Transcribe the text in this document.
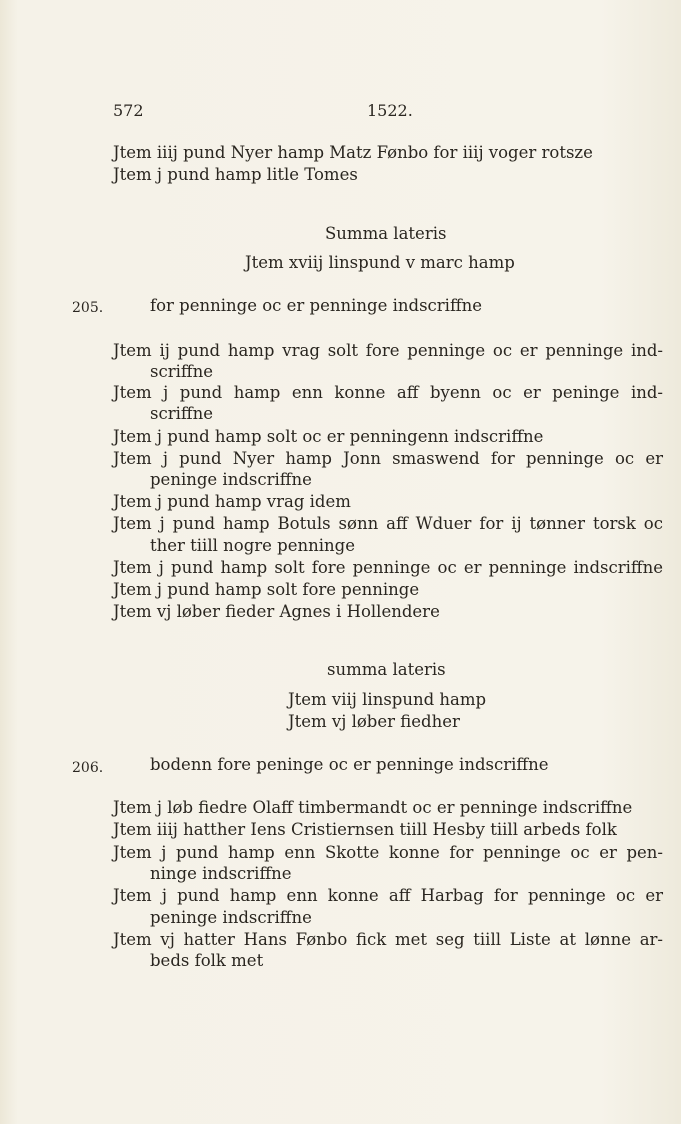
572	1522.
Jtem iiij pund Nyer hamp Matz Fønbo for iiij voger rotsze
Jtem j pund hamp litle Tomes
Summa lateris
Jtem xviij linspund v marc hamp
205.	for penninge oc er penninge indscriffne
Jtem ij pund hamp vrag solt fore penninge oc er penninge ind-
scriffne
Jtem j pund hamp enn konne aff byenn oc er peninge ind-
scriffne
Jtem j pund hamp solt oc er penningenn indscriffne
Jtem j pund Nyer hamp Jonn smaswend for penninge oc er
peninge indscriffne
Jtem j pund hamp vrag idem
Jtem j pund hamp Botuls sønn aff Wduer for ij tønner torsk oc
ther tiill nogre penninge
Jtem j pund hamp solt fore penninge oc er penninge indscriffne
Jtem j pund hamp solt fore penninge
Jtem vj løber fieder Agnes i Hollendere
summa lateris
Jtem viij linspund hamp
Jtem vj løber fiedher
206.	bodenn fore peninge oc er penninge indscriffne
Jtem j løb fiedre Olaff timbermandt oc er penninge indscriffne
Jtem iiij hatther Iens Cristiernsen tiill Hesby tiill arbeds folk
Jtem j pund hamp enn Skotte konne for penninge oc er pen-
ninge indscriffne
Jtem j pund hamp enn konne aff Harbag for penninge oc er
peninge indscriffne
Jtem vj hatter Hans Fønbo fick met seg tiill Liste at lønne ar-
beds folk met
